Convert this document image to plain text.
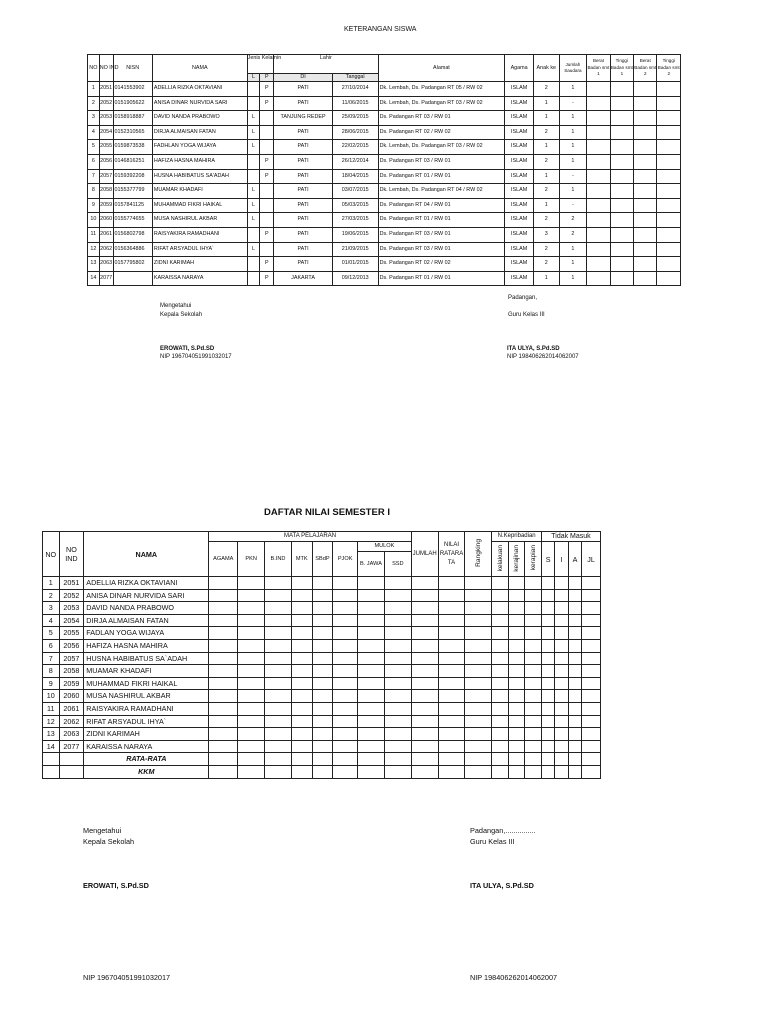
KETERANGAN SISWA
NO	NO IND	NISN	NAMA	Jenis Kelamin		Lahir		Alamat	Agama	Anak ke	Jumlah Saudara	Berat Badan smt 1	Tinggi Badan smt 1	Berat Badan smt 2	Tinggi Badan smt 2
				L	P	DI	Tanggal								
1	2051	0141553902	ADELLIA RIZKA OKTAVIANI		P	PATI	27/10/2014	Dk. Lembah, Ds. Padangan RT 05 / RW 02	ISLAM	2	1				
2	2052	0151905622	ANISA DINAR NURVIDA SARI		P	PATI	11/06/2015	Dk. Lembah, Ds. Padangan RT 03 / RW 02	ISLAM	1	-				
3	2053	0158918887	DAVID NANDA PRABOWO	L		TANJUNG REDEP	25/09/2015	Ds. Padangan RT 03 / RW 01	ISLAM	1	1				
4	2054	0152310565	DIRJA ALMAISAN FATAN	L		PATI	28/06/2015	Ds. Padangan RT 02 / RW 02	ISLAM	2	1				
5	2055	0159873538	FADHLAN YOGA WIJAYA	L		PATI	22/02/2015	Dk. Lembah, Ds. Padangan RT 03 / RW 02	ISLAM	1	1				
6	2056	0146816251	HAFIZA HASNA MAHIRA		P	PATI	26/12/2014	Ds. Padangan RT 03 / RW 01	ISLAM	2	1				
7	2057	0159392208	HUSNA HABIBATUS SA'ADAH		P	PATI	18/04/2015	Ds. Padangan RT 01 / RW 01	ISLAM	1	-				
8	2058	0155377799	MUAMAR KHADAFI	L		PATI	03/07/2015	Dk. Lembah, Ds. Padangan RT 04 / RW 02	ISLAM	2	1				
9	2059	0157841125	MUHAMMAD FIKRI HAIKAL	L		PATI	05/03/2015	Ds. Padangan RT 04 / RW 01	ISLAM	1	-				
10	2060	0155774655	MUSA NASHIRUL AKBAR	L		PATI	27/03/2015	Ds. Padangan RT 01 / RW 01	ISLAM	2	2				
11	2061	0156802798	RAISYAKIRA RAMADHANI		P	PATI	19/06/2015	Ds. Padangan RT 03 / RW 01	ISLAM	3	2				
12	2062	0156364886	RIFAT ARSYADUL IHYA`	L		PATI	21/09/2015	Ds. Padangan RT 03 / RW 01	ISLAM	2	1				
13	2063	0157795802	ZIDNI KARIMAH		P	PATI	01/01/2015	Ds. Padangan RT 02 / RW 02	ISLAM	2	1				
14	2077		KARAISSA NARAYA		P	JAKARTA	09/12/2013	Ds. Padangan RT 01 / RW 01	ISLAM	1	1				
Mengetahui
Kepala Sekolah
EROWATI, S.Pd.SD
NIP 196704051991032017
Padangan,
Guru Kelas III
ITA ULYA, S.Pd.SD
NIP 198406262014062007
DAFTAR NILAI SEMESTER I
NO	NO IND	NAMA	MATA PELAJARAN								JUMLAH	NILAI RATARA TA	Rangking	N.Kepribadian			Tidak Masuk			
			AGAMA	PKN	B.IND	MTK	SBdP	PJOK	MULOK					kelakuan	kerajinan	kerapian	S	I	A	JL
									B. JAWA	SSD										
1	2051	ADELLIA RIZKA OKTAVIANI																		
2	2052	ANISA DINAR NURVIDA SARI																		
3	2053	DAVID NANDA PRABOWO																		
4	2054	DIRJA ALMAISAN FATAN																		
5	2055	FADLAN YOGA WIJAYA																		
6	2056	HAFIZA HASNA MAHIRA																		
7	2057	HUSNA HABIBATUS SA`ADAH																		
8	2058	MUAMAR KHADAFI																		
9	2059	MUHAMMAD FIKRI HAIKAL																		
10	2060	MUSA NASHIRUL AKBAR																		
11	2061	RAISYAKIRA RAMADHANI																		
12	2062	RIFAT ARSYADUL IHYA`																		
13	2063	ZIDNI KARIMAH																		
14	2077	KARAISSA NARAYA																		
		RATA-RATA																		
		KKM																		
Mengetahui
Kepala Sekolah
EROWATI, S.Pd.SD
NIP 196704051991032017
Padangan,...............
Guru Kelas III
ITA ULYA, S.Pd.SD
NIP 198406262014062007
